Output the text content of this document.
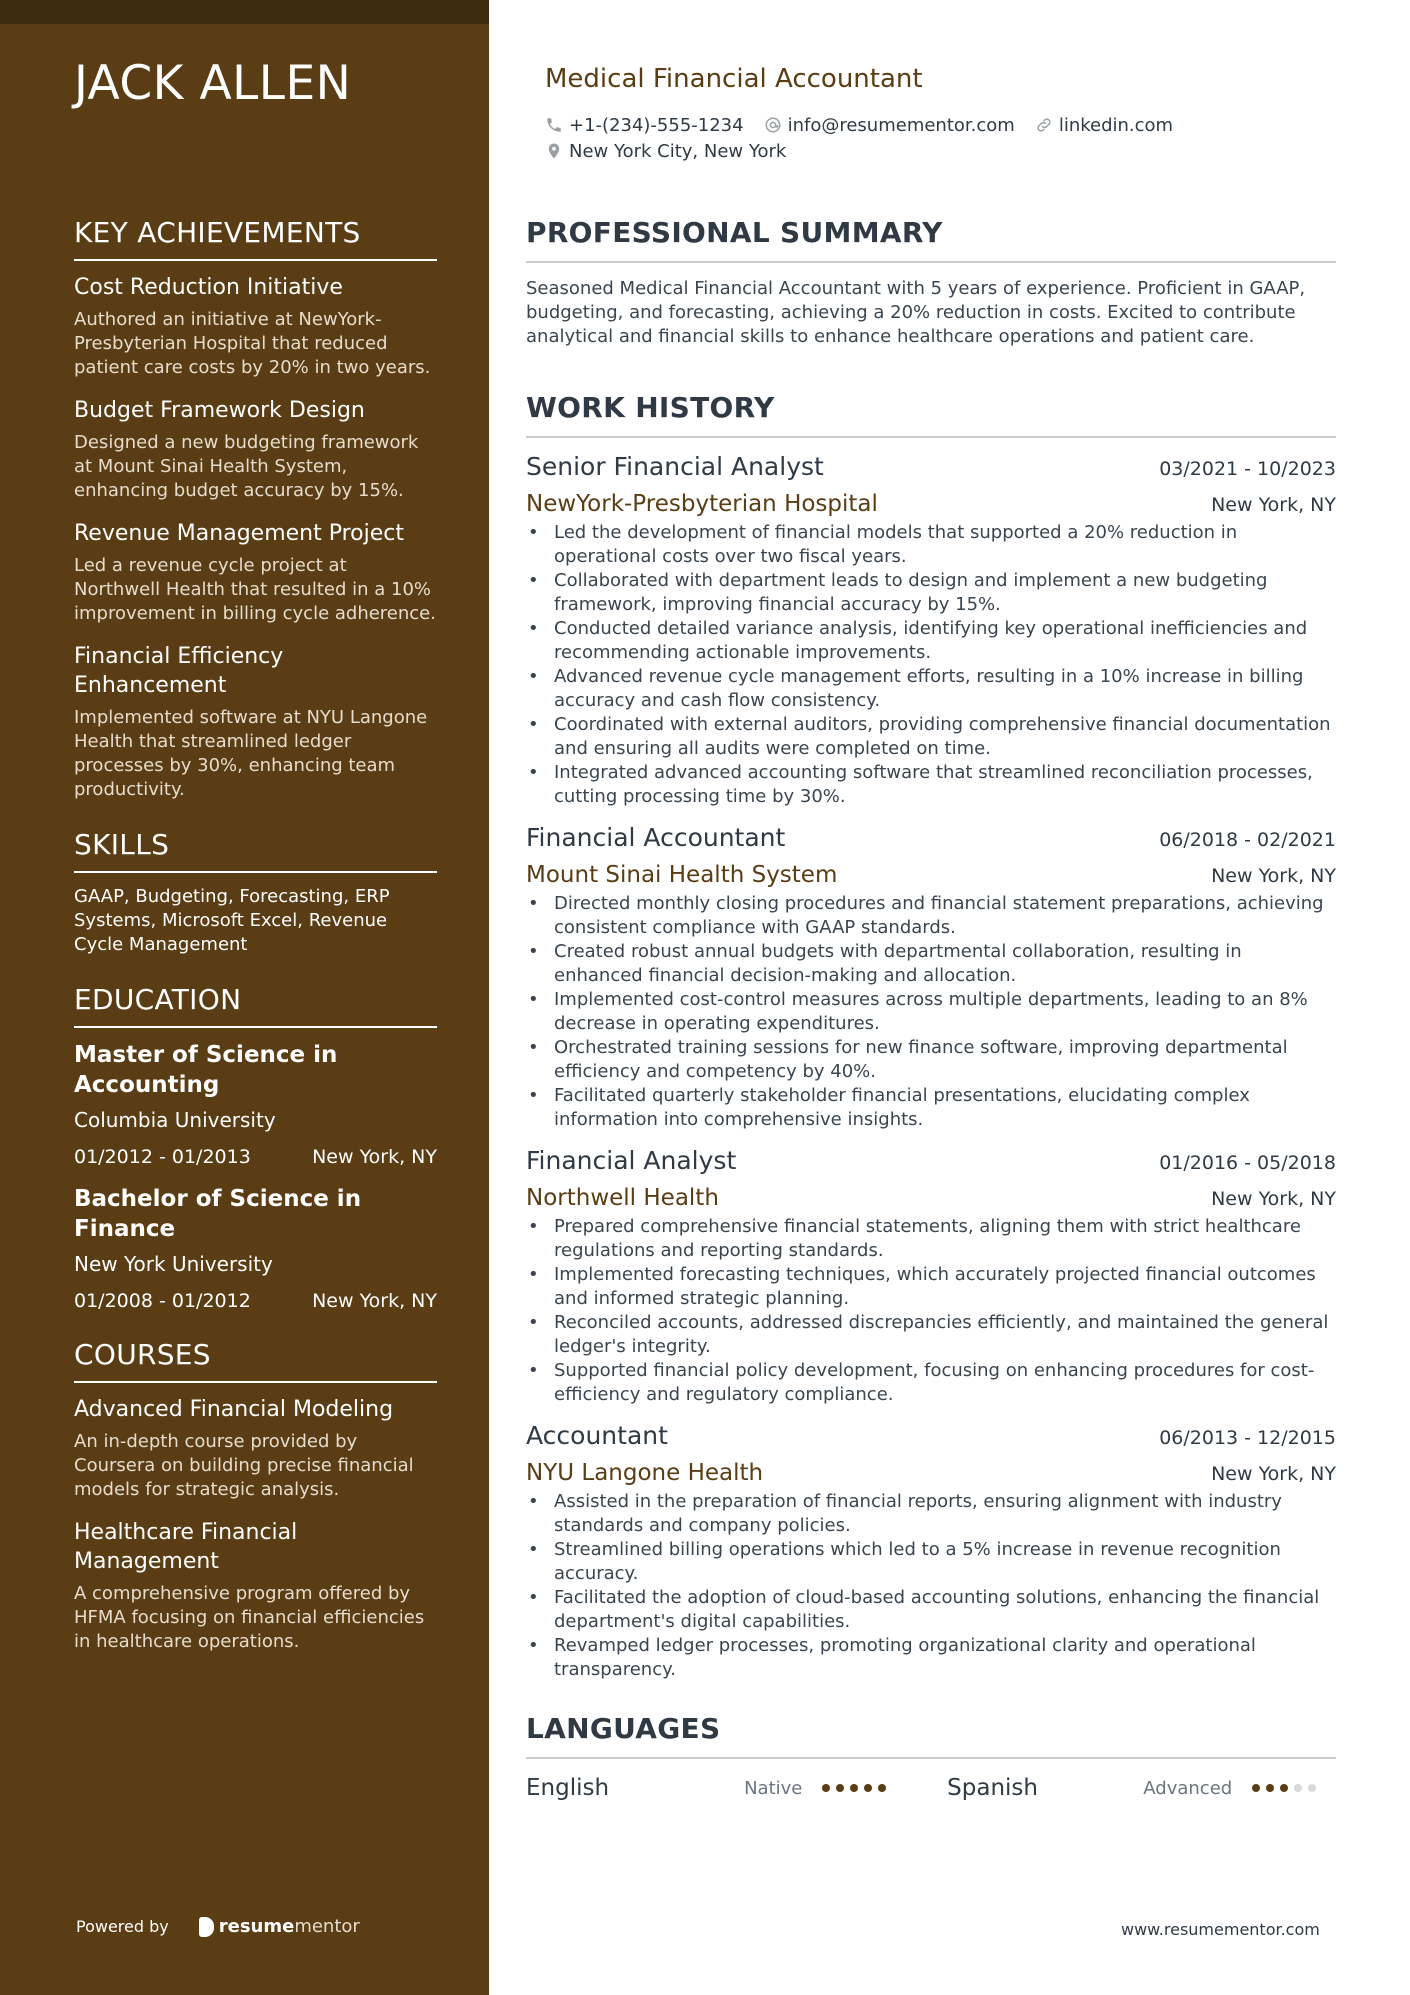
JACK ALLEN
KEY ACHIEVEMENTS
Cost Reduction Initiative
Authored an initiative at NewYork-Presbyterian Hospital that reduced patient care costs by 20% in two years.
Budget Framework Design
Designed a new budgeting framework at Mount Sinai Health System, enhancing budget accuracy by 15%.
Revenue Management Project
Led a revenue cycle project at Northwell Health that resulted in a 10% improvement in billing cycle adherence.
Financial Efficiency Enhancement
Implemented software at NYU Langone Health that streamlined ledger processes by 30%, enhancing team productivity.
SKILLS

GAAP, Budgeting, Forecasting, ERP Systems, Microsoft Excel, Revenue Cycle Management

EDUCATION
Master of Science in Accounting
Columbia University
01/2012 - 01/2013	New York, NY
Bachelor of Science in Finance
New York University
01/2008 - 01/2012	New York, NY
COURSES
Advanced Financial Modeling
An in-depth course provided by Coursera on building precise financial models for strategic analysis.
Healthcare Financial Management
A comprehensive program offered by HFMA focusing on financial efficiencies in healthcare operations.
Powered by	resume mentor
Medical Financial Accountant
+1-(234)-555-1234 info@resumementor.com linkedin.com
New York City, New York
PROFESSIONAL SUMMARY

Seasoned Medical Financial Accountant with 5 years of experience. Proficient in GAAP, budgeting, and forecasting, achieving a 20% reduction in costs. Excited to contribute analytical and financial skills to enhance healthcare operations and patient care.

WORK HISTORY
Senior Financial Analyst	03/2021 - 10/2023
NewYork-Presbyterian Hospital	New York, NY
• Led the development of financial models that supported a 20% reduction in operational costs over two fiscal years.
• Collaborated with department leads to design and implement a new budgeting framework, improving financial accuracy by 15%.
• Conducted detailed variance analysis, identifying key operational inefficiencies and recommending actionable improvements.
• Advanced revenue cycle management efforts, resulting in a 10% increase in billing accuracy and cash flow consistency.
• Coordinated with external auditors, providing comprehensive financial documentation and ensuring all audits were completed on time.
• Integrated advanced accounting software that streamlined reconciliation processes, cutting processing time by 30%.
Financial Accountant	06/2018 - 02/2021
Mount Sinai Health System	New York, NY
• Directed monthly closing procedures and financial statement preparations, achieving consistent compliance with GAAP standards.
• Created robust annual budgets with departmental collaboration, resulting in enhanced financial decision-making and allocation.
• Implemented cost-control measures across multiple departments, leading to an 8% decrease in operating expenditures.
• Orchestrated training sessions for new finance software, improving departmental efficiency and competency by 40%.
• Facilitated quarterly stakeholder financial presentations, elucidating complex information into comprehensive insights.
Financial Analyst	01/2016 - 05/2018
Northwell Health	New York, NY
• Prepared comprehensive financial statements, aligning them with strict healthcare regulations and reporting standards.
• Implemented forecasting techniques, which accurately projected financial outcomes and informed strategic planning.
• Reconciled accounts, addressed discrepancies efficiently, and maintained the general ledger's integrity.
• Supported financial policy development, focusing on enhancing procedures for cost-efficiency and regulatory compliance.
Accountant	06/2013 - 12/2015
NYU Langone Health	New York, NY
• Assisted in the preparation of financial reports, ensuring alignment with industry standards and company policies.
• Streamlined billing operations which led to a 5% increase in revenue recognition accuracy.
• Facilitated the adoption of cloud-based accounting solutions, enhancing the financial department's digital capabilities.
• Revamped ledger processes, promoting organizational clarity and operational transparency.
LANGUAGES
English	Native	Spanish	Advanced
www.resumementor.com
